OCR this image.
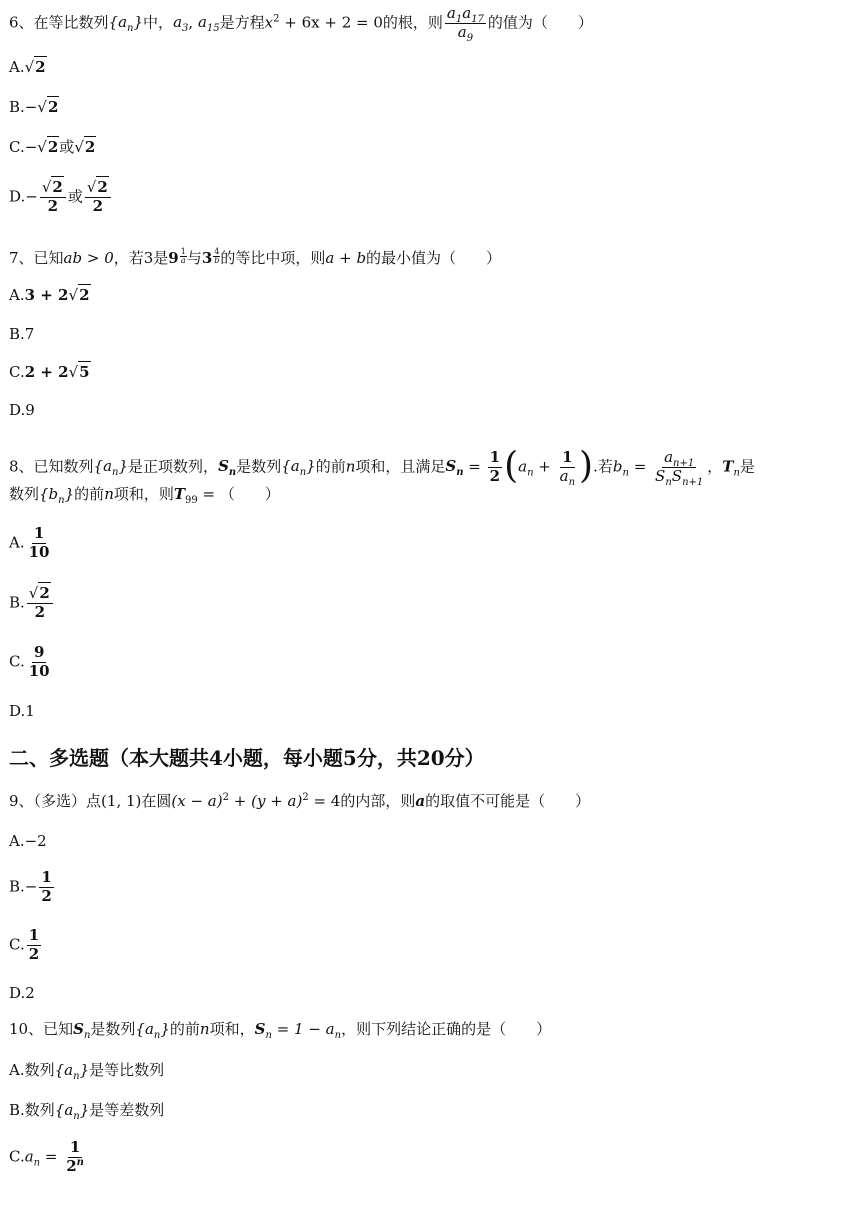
6、在等比数列$\{a_n\}$中，$a_3$, $a_{15}$是方程$x^2 + 6x + 2 = 0$的根，则 $\frac{a_1a_{17}}{a_9}$ 的值为（　　）
A.√2
B.−√2
C.−√2或√2
$D.- \frac{√2}{2}$ 或 $\frac{√2}{2}$
7、已知ab > 0，若3是$9 \frac{1}{a}$ 与$3 \frac{4}{b}$ 的等比中项，则a + b的最小值为（　　）
A.3 + 2√2
B.7
C.2 + 2√5
D.9
8、已知数列$\{a_n\}$是正项数列，$S_n$是数列$\{a_n\}$的前n项和，且满足$S_n = \frac{1}{2} (a_n + \frac{1}{a_n}$ ).若$b_n = \frac{a_{n+1}}{S_nS_{n+1}}$ ，$T_n$是
数列$\{b_n\}$的前n项和，则$T_{99}$ = （　　）
A. $\frac{1}{10}$
B. $\frac{√2}{2}$
C. $\frac{9}{10}$
D.1
二、多选题（本大题共4小题，每小题5分，共20分）
9、（多选）点(1, 1)在圆$(x - a)^2 + (y + a)^2 = 4$的内部，则a的取值不可能是（　　）
A.−2
$B.- \frac{1}{2}$
C. $\frac{1}{2}$
D.2
10、已知$S_n$是数列$\{a_n\}$的前n项和，$S_n = 1 - a_n$，则下列结论正确的是（　　）
A.数列$\{a_n\}$是等比数列
B.数列$\{a_n\}$是等差数列
$C.a_n = \frac{1}{2^n}$
